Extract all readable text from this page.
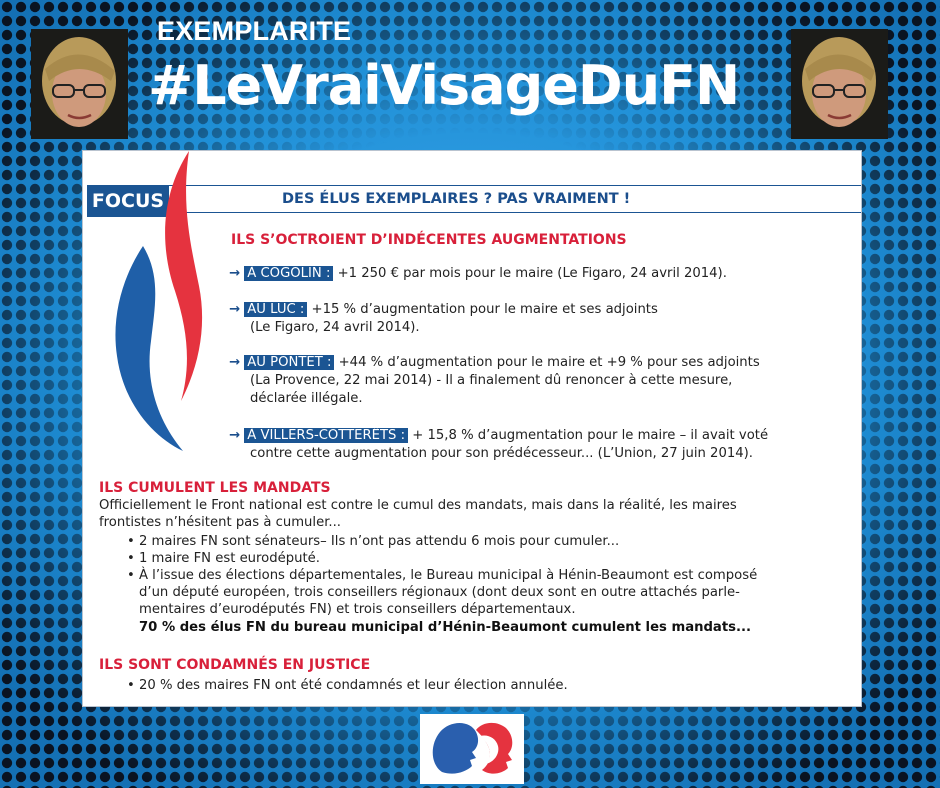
EXEMPLARITE
#LeVraiVisageDuFN
FOCUS	DES ÉLUS EXEMPLAIRES ? PAS VRAIMENT !
ILS S’OCTROIENT D’INDÉCENTES AUGMENTATIONS
→ À COGOLIN : +1 250 € par mois pour le maire (Le Figaro, 24 avril 2014).
→ AU LUC : +15 % d’augmentation pour le maire et ses adjoints
(Le Figaro, 24 avril 2014).
→ AU PONTET : +44 % d’augmentation pour le maire et +9 % pour ses adjoints
(La Provence, 22 mai 2014) - Il a finalement dû renoncer à cette mesure,
déclarée illégale.
→ À VILLERS-COTTERÊTS : + 15,8 % d’augmentation pour le maire – il avait voté
contre cette augmentation pour son prédécesseur... (L’Union, 27 juin 2014).
ILS CUMULENT LES MANDATS
Officiellement le Front national est contre le cumul des mandats, mais dans la réalité, les maires
frontistes n’hésitent pas à cumuler...
• 2 maires FN sont sénateurs– Ils n’ont pas attendu 6 mois pour cumuler...
• 1 maire FN est eurodéputé.
• À l’issue des élections départementales, le Bureau municipal à Hénin-Beaumont est composé
d’un député européen, trois conseillers régionaux (dont deux sont en outre attachés parle-
mentaires d’eurodéputés FN) et trois conseillers départementaux.
70 % des élus FN du bureau municipal d’Hénin-Beaumont cumulent les mandats...
ILS SONT CONDAMNÉS EN JUSTICE
• 20 % des maires FN ont été condamnés et leur élection annulée.
